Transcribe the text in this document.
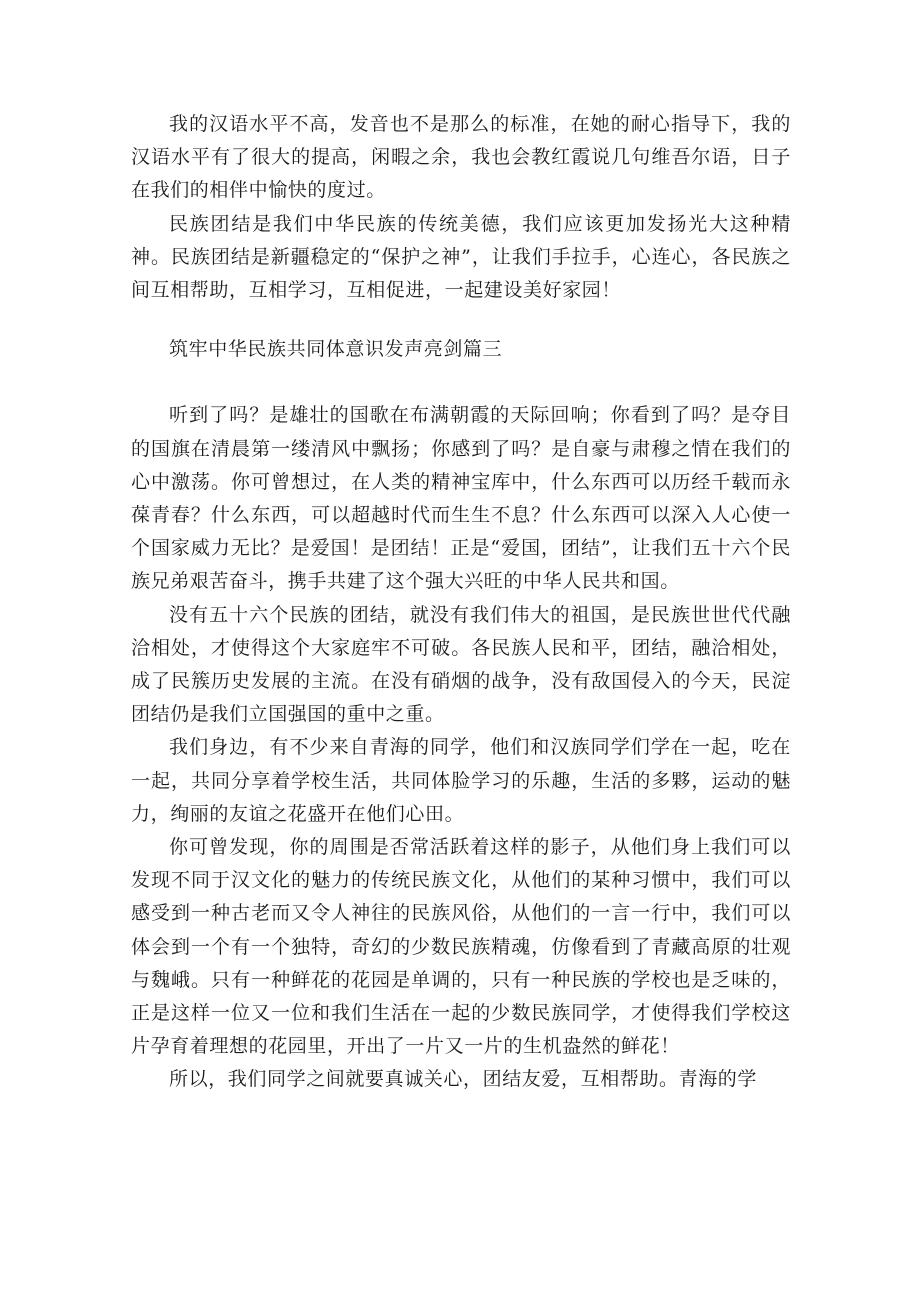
我的汉语水平不高，发音也不是那么的标准，在她的耐心指导下，我的汉语水平有了很大的提高，闲暇之余，我也会教红霞说几句维吾尔语，日子在我们的相伴中愉快的度过。

民族团结是我们中华民族的传统美德，我们应该更加发扬光大这种精神。民族团结是新疆稳定的“保护之神”，让我们手拉手，心连心，各民族之间互相帮助，互相学习，互相促进，一起建设美好家园！

筑牢中华民族共同体意识发声亮剑篇三

听到了吗？是雄壮的国歌在布满朝霞的天际回响；你看到了吗？是夺目的国旗在清晨第一缕清风中飘扬；你感到了吗？是自豪与肃穆之情在我们的心中激荡。你可曾想过，在人类的精神宝库中，什么东西可以历经千载而永葆青春？什么东西，可以超越时代而生生不息？什么东西可以深入人心使一个国家威力无比？是爱国！是团结！正是“爱国，团结”，让我们五十六个民族兄弟艰苦奋斗，携手共建了这个强大兴旺的中华人民共和国。

没有五十六个民族的团结，就没有我们伟大的祖国，是民族世世代代融洽相处，才使得这个大家庭牢不可破。各民族人民和平，团结，融洽相处，成了民簇历史发展的主流。在没有硝烟的战争，没有敌国侵入的今天，民淀团结仍是我们立国强国的重中之重。

我们身边，有不少来自青海的同学，他们和汉族同学们学在一起，吃在一起，共同分享着学校生活，共同体脸学习的乐趣，生活的多夥，运动的魅力，绚丽的友谊之花盛开在他们心田。

你可曾发现，你的周围是否常活跃着这样的影子，从他们身上我们可以发现不同于汉文化的魅力的传统民族文化，从他们的某种习惯中，我们可以感受到一种古老而又令人神往的民族风俗，从他们的一言一行中，我们可以体会到一个有一个独特，奇幻的少数民族精魂，仿像看到了青藏高原的壮观与魏峨。只有一种鲜花的花园是单调的，只有一种民族的学校也是乏味的，正是这样一位又一位和我们生活在一起的少数民族同学，才使得我们学校这片孕育着理想的花园里，开出了一片又一片的生机盎然的鲜花！

所以，我们同学之间就要真诚关心，团结友爱，互相帮助。青海的学
